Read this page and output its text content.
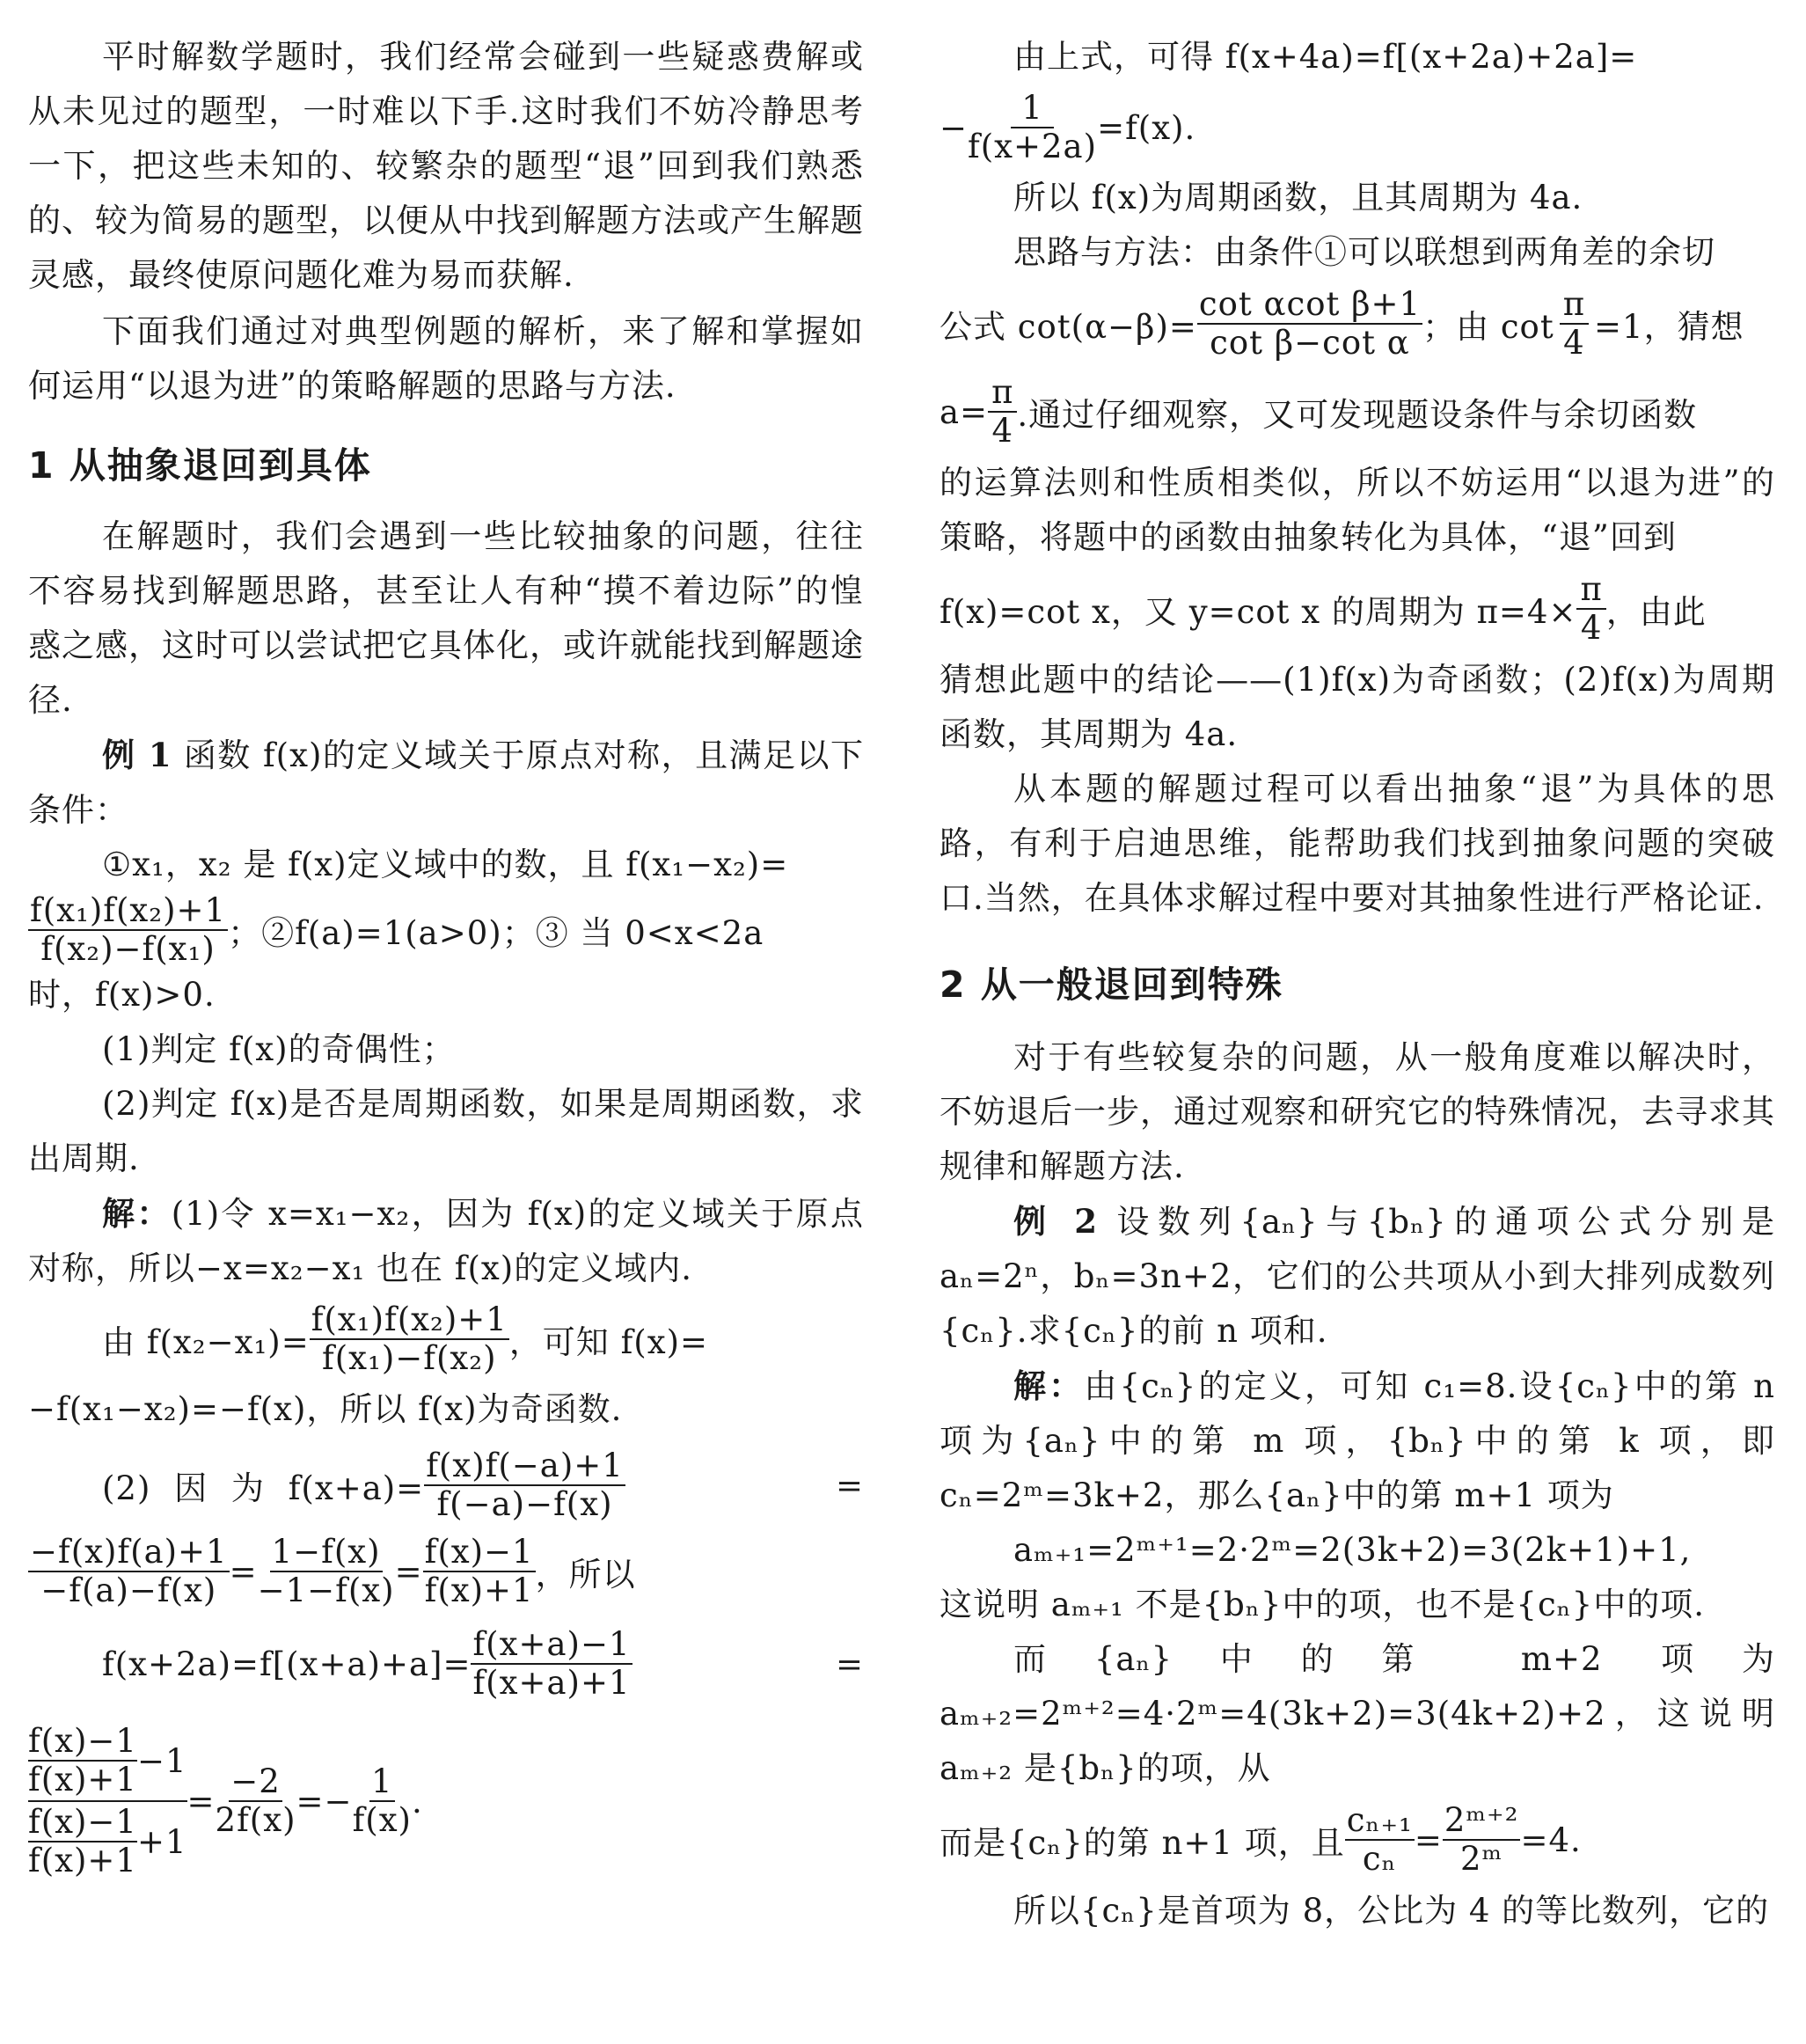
平时解数学题时，我们经常会碰到一些疑惑费解或从未见过的题型，一时难以下手.这时我们不妨冷静思考一下，把这些未知的、较繁杂的题型“退”回到我们熟悉的、较为简易的题型，以便从中找到解题方法或产生解题灵感，最终使原问题化难为易而获解.

下面我们通过对典型例题的解析，来了解和掌握如何运用“以退为进”的策略解题的思路与方法.

1 从抽象退回到具体

在解题时，我们会遇到一些比较抽象的问题，往往不容易找到解题思路，甚至让人有种“摸不着边际”的惶惑之感，这时可以尝试把它具体化，或许就能找到解题途径.

例 1 函数 f(x)的定义域关于原点对称，且满足以下条件：

①x₁，x₂ 是 f(x)定义域中的数，且 f(x₁−x₂)=

$\frac{\text{f(x₁)f(x₂)+1}}{\text{f(x₂)−f(x₁)}}$ ；②f(a)=1(a>0)；③ 当 0<x<2a

时，f(x)>0.

(1)判定 f(x)的奇偶性；

(2)判定 f(x)是否是周期函数，如果是周期函数，求出周期.

解：(1)令 x=x₁−x₂，因为 f(x)的定义域关于原点对称，所以−x=x₂−x₁ 也在 f(x)的定义域内.

由 $f(x_2-x_1)= \frac{\text{f(x₁)f(x₂)+1}}{\text{f(x₁)−f(x₂)}}$ ，可知 f(x)=

−f(x₁−x₂)=−f(x)，所以 f(x)为奇函数.

(2) 因 为 $f(x+a)= \frac{f(x)f(-a)+1}{f(-a)-f(x)}$	=
$\frac{-f(x)f(a)+1}{-f(a)-f(x)} = \frac{1-f(x)}{-1-f(x)} = \frac{f(x)-1}{f(x)+1}$ ，所以
$f(x+2a)=f[(x+a)+a]= \frac{f(x+a)-1}{f(x+a)+1}$	=
$\frac{\frac{f(x)-1}{f(x)+1} -1}{\frac{f(x)-1}{f(x)+1} +1} = \frac{-2}{2f(x)}$ = − $\frac{1}{f(x)}$ .

由上式，可得 f(x+4a)=f[(x+2a)+2a]=

− $\frac{1}{f(x+2a)} =f(x)$.

所以 f(x)为周期函数，且其周期为 4a.

思路与方法：由条件①可以联想到两角差的余切

公式 $\cot(\alpha-\beta)= \frac{\text{cot αcot β+1}}{\text{cot β−cot α}}$ ；由 $\cot \frac{\pi}{4} =1$，猜想
$a= \frac{\pi}{4}$ .通过仔细观察，又可发现题设条件与余切函数

的运算法则和性质相类似，所以不妨运用“以退为进”的策略，将题中的函数由抽象转化为具体，“退”回到

f(x)=cot x，又 y=cot x 的周期为 $\pi=4\times \frac{\pi}{4}$ ，由此

猜想此题中的结论——(1)f(x)为奇函数；(2)f(x)为周期函数，其周期为 4a.

从本题的解题过程可以看出抽象“退”为具体的思路，有利于启迪思维，能帮助我们找到抽象问题的突破口.当然，在具体求解过程中要对其抽象性进行严格论证.

2 从一般退回到特殊

对于有些较复杂的问题，从一般角度难以解决时，不妨退后一步，通过观察和研究它的特殊情况，去寻求其规律和解题方法.

例 2 设数列{aₙ}与{bₙ}的通项公式分别是aₙ=2ⁿ，bₙ=3n+2，它们的公共项从小到大排列成数列{cₙ}.求{cₙ}的前 n 项和.

解：由{cₙ}的定义，可知 c₁=8.设{cₙ}中的第 n 项为{aₙ}中的第 m 项，{bₙ}中的第 k 项，即 cₙ=2ᵐ=3k+2，那么{aₙ}中的第 m+1 项为

aₘ₊₁=2ᵐ⁺¹=2·2ᵐ=2(3k+2)=3(2k+1)+1,

这说明 aₘ₊₁ 不是{bₙ}中的项，也不是{cₙ}中的项.

而{aₙ}中的第 m+2 项为 aₘ₊₂=2ᵐ⁺²=4·2ᵐ=4(3k+2)=3(4k+2)+2，这说明 aₘ₊₂ 是{bₙ}的项，从

而是{cₙ}的第 n+1 项，且 $\frac{\text{cₙ₊₁}}{\text{cₙ}} = \frac{\text{2ᵐ⁺²}}{\text{2ᵐ}} =4$.

所以{cₙ}是首项为 8，公比为 4 的等比数列，它的
